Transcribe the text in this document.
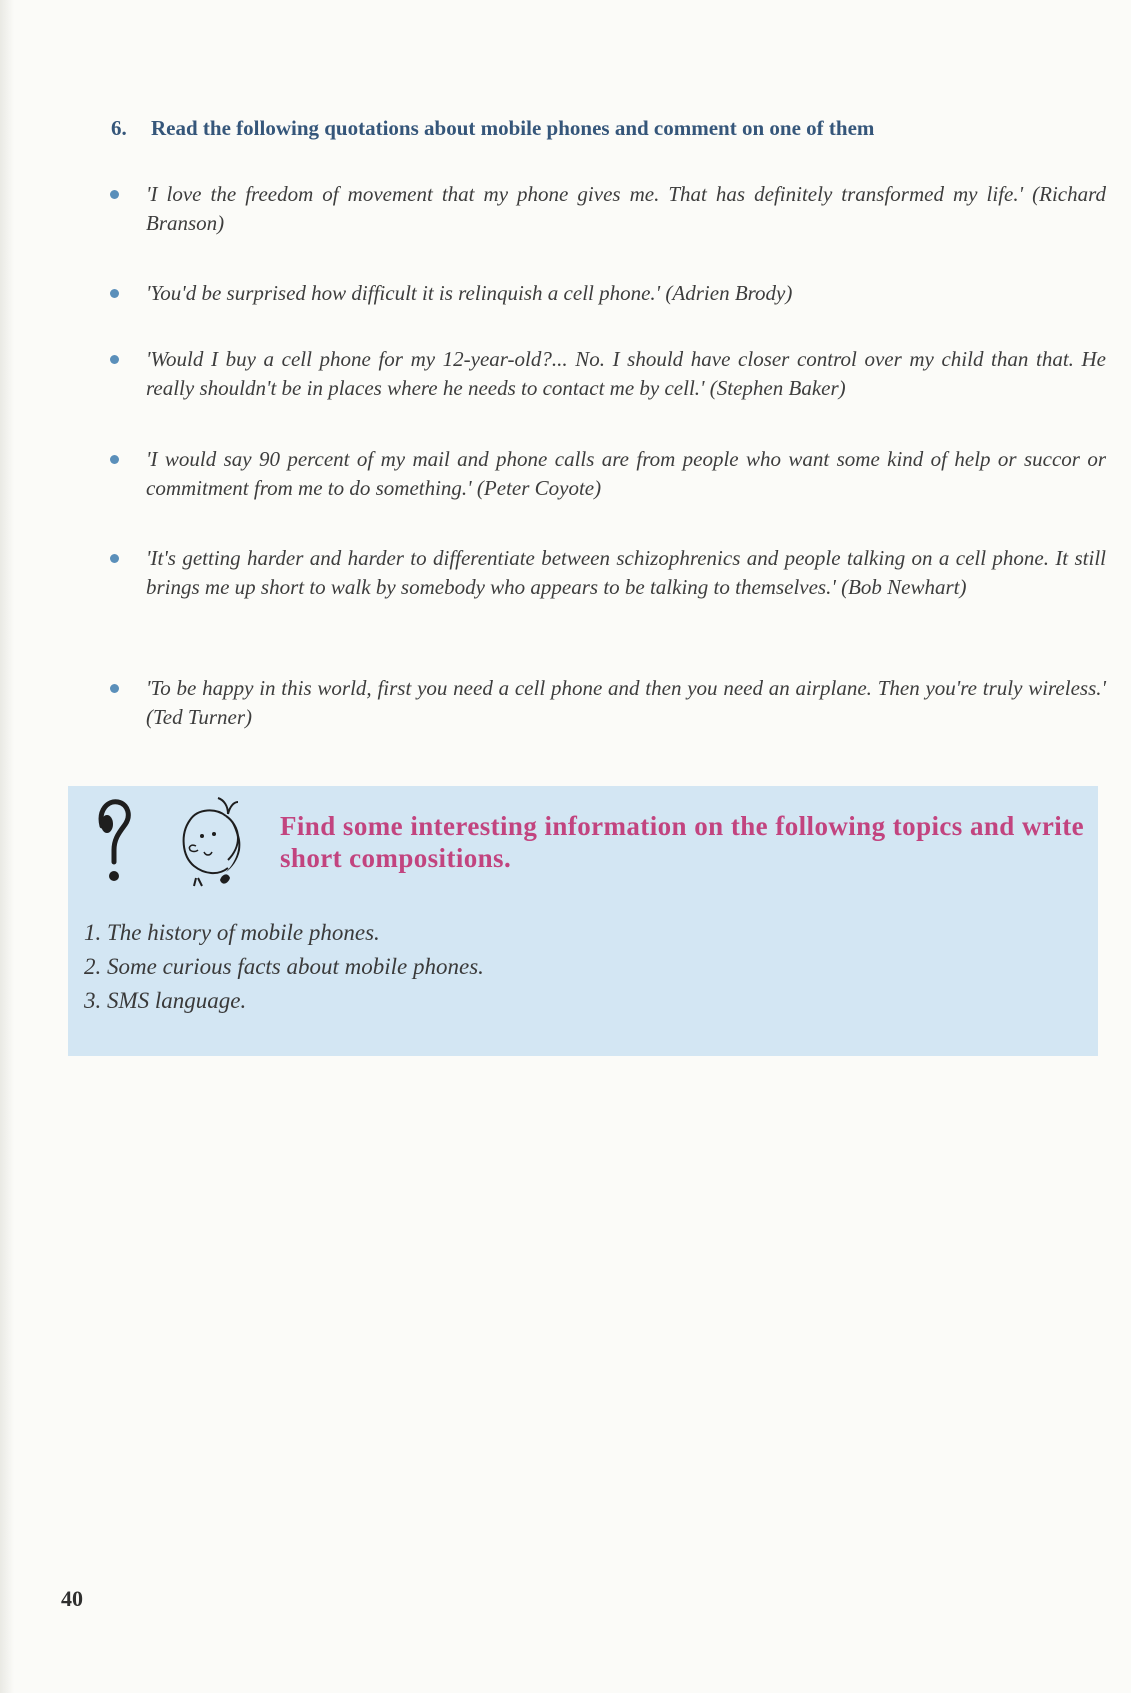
6. Read the following quotations about mobile phones and comment on one of them
'I love the freedom of movement that my phone gives me. That has definitely transformed my life.' (Richard Branson)
'You'd be surprised how difficult it is relinquish a cell phone.' (Adrien Brody)
'Would I buy a cell phone for my 12-year-old?... No. I should have closer control over my child than that. He really shouldn't be in places where he needs to contact me by cell.' (Stephen Baker)
'I would say 90 percent of my mail and phone calls are from people who want some kind of help or succor or commitment from me to do something.' (Peter Coyote)
'It's getting harder and harder to differentiate between schizophrenics and people talking on a cell phone. It still brings me up short to walk by somebody who appears to be talking to themselves.' (Bob Newhart)
'To be happy in this world, first you need a cell phone and then you need an airplane. Then you're truly wireless.' (Ted Turner)
Find some interesting information on the following topics and write short compositions.
1. The history of mobile phones.
2. Some curious facts about mobile phones.
3. SMS language.
40
